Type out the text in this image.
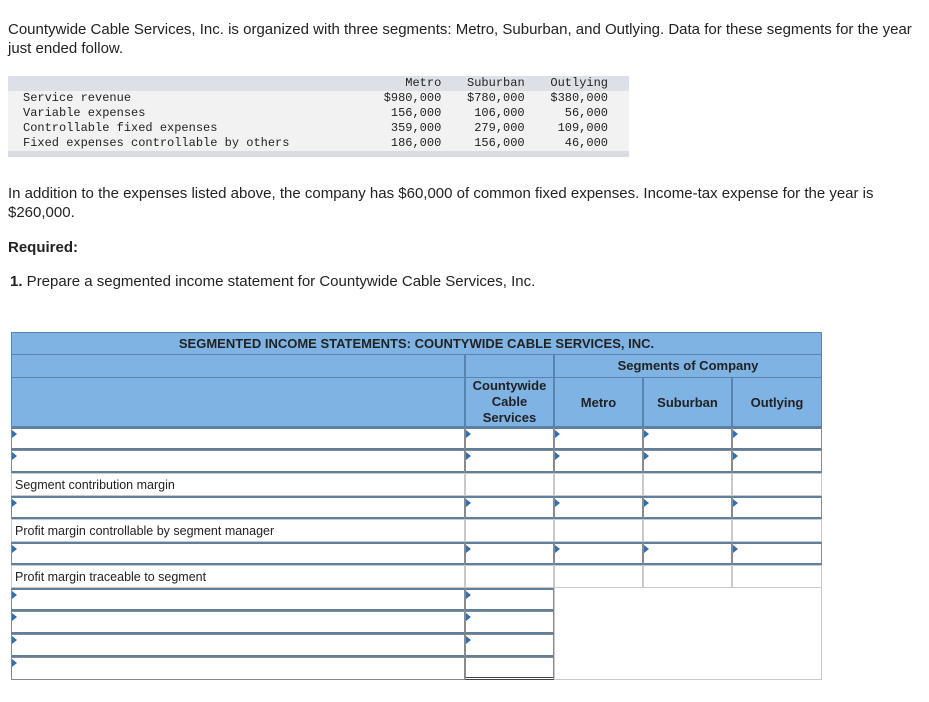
Countywide Cable Services, Inc. is organized with three segments: Metro, Suburban, and Outlying. Data for these segments for the year just ended follow.
	Metro	Suburban	Outlying
Service revenue	$980,000	$780,000	$380,000
Variable expenses	156,000	106,000	56,000
Controllable fixed expenses	359,000	279,000	109,000
Fixed expenses controllable by others	186,000	156,000	46,000
In addition to the expenses listed above, the company has $60,000 of common fixed expenses. Income-tax expense for the year is $260,000.
Required:
1. Prepare a segmented income statement for Countywide Cable Services, Inc.
SEGMENTED INCOME STATEMENTS: COUNTYWIDE CABLE SERVICES, INC.
Segments of Company
Countywide Cable Services
Metro	Suburban	Outlying
Segment contribution margin
Profit margin controllable by segment manager
Profit margin traceable to segment
